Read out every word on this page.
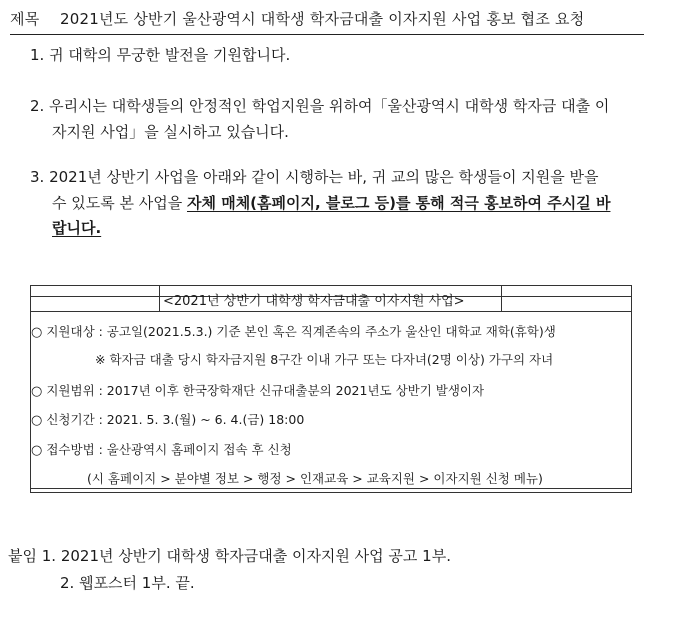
제목 2021년도 상반기 울산광역시 대학생 학자금대출 이자지원 사업 홍보 협조 요청
1. 귀 대학의 무궁한 발전을 기원합니다.
2. 우리시는 대학생들의 안정적인 학업지원을 위하여「울산광역시 대학생 학자금 대출 이
자지원 사업」을 실시하고 있습니다.
3. 2021년 상반기 사업을 아래와 같이 시행하는 바, 귀 교의 많은 학생들이 지원을 받을
수 있도록 본 사업을 자체 매체(홈페이지, 블로그 등)를 통해 적극 홍보하여 주시길 바
랍니다.
<2021년 상반기 대학생 학자금대출 이자지원 사업>
○ 지원대상 : 공고일(2021.5.3.) 기준 본인 혹은 직계존속의 주소가 울산인 대학교 재학(휴학)생
※ 학자금 대출 당시 학자금지원 8구간 이내 가구 또는 다자녀(2명 이상) 가구의 자녀
○ 지원범위 : 2017년 이후 한국장학재단 신규대출분의 2021년도 상반기 발생이자
○ 신청기간 : 2021. 5. 3.(월) ~ 6. 4.(금) 18:00
○ 접수방법 : 울산광역시 홈페이지 접속 후 신청
(시 홈페이지 > 분야별 정보 > 행정 > 인재교육 > 교육지원 > 이자지원 신청 메뉴)
붙임 1. 2021년 상반기 대학생 학자금대출 이자지원 사업 공고 1부.
2. 웹포스터 1부. 끝.
